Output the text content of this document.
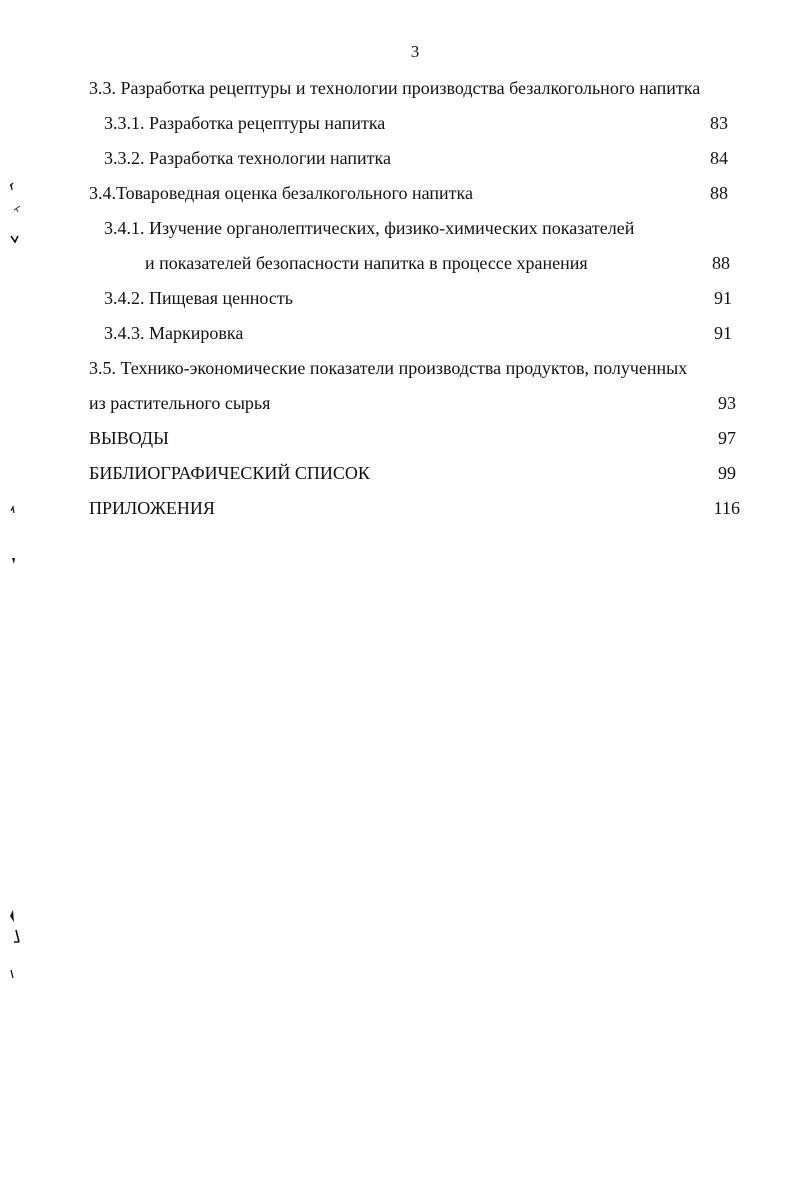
3
3.3. Разработка рецептуры и технологии производства безалкогольного напитка
3.3.1. Разработка рецептуры напитка	83
3.3.2. Разработка технологии напитка	84
3.4.Товароведная оценка безалкогольного напитка	88
3.4.1. Изучение органолептических, физико-химических показателей
и показателей безопасности напитка в процессе хранения	88
3.4.2. Пищевая ценность	91
3.4.3. Маркировка	91
3.5. Технико-экономические показатели производства продуктов, полученных
из растительного сырья	93
ВЫВОДЫ	97
БИБЛИОГРАФИЧЕСКИЙ СПИСОК	99
ПРИЛОЖЕНИЯ	116
